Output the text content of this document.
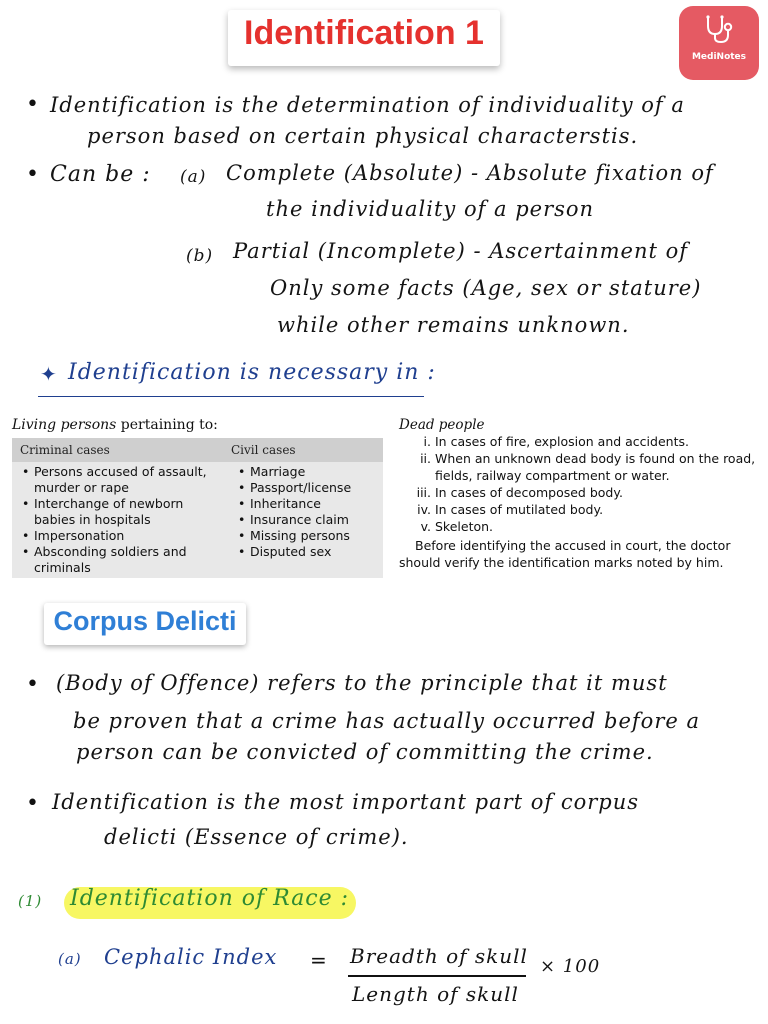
Identification 1
MediNotes
• Identification is the determination of individuality of a
person based on certain physical characterstis.
• Can be : (a) Complete (Absolute) - Absolute fixation of
the individuality of a person
(b) Partial (Incomplete) - Ascertainment of
Only some facts (Age, sex or stature)
while other remains unknown.
✦ Identification is necessary in :
Living persons pertaining to:
Criminal cases	Civil cases
• Persons accused of assault, murder or rape
• Interchange of newborn babies in hospitals
• Impersonation
• Absconding soldiers and criminals
• Marriage
• Passport/license
• Inheritance
• Insurance claim
• Missing persons
• Disputed sex
Dead people
i. In cases of fire, explosion and accidents.
ii. When an unknown dead body is found on the road, fields, railway compartment or water.
iii. In cases of decomposed body.
iv. In cases of mutilated body.
v. Skeleton.
Before identifying the accused in court, the doctor should verify the identification marks noted by him.
Corpus Delicti
• (Body of Offence) refers to the principle that it must
be proven that a crime has actually occurred before a
person can be convicted of committing the crime.
• Identification is the most important part of corpus
delicti (Essence of crime).
(1) Identification of Race :
(a) Cephalic Index = Breadth of skull
Length of skull
× 100
